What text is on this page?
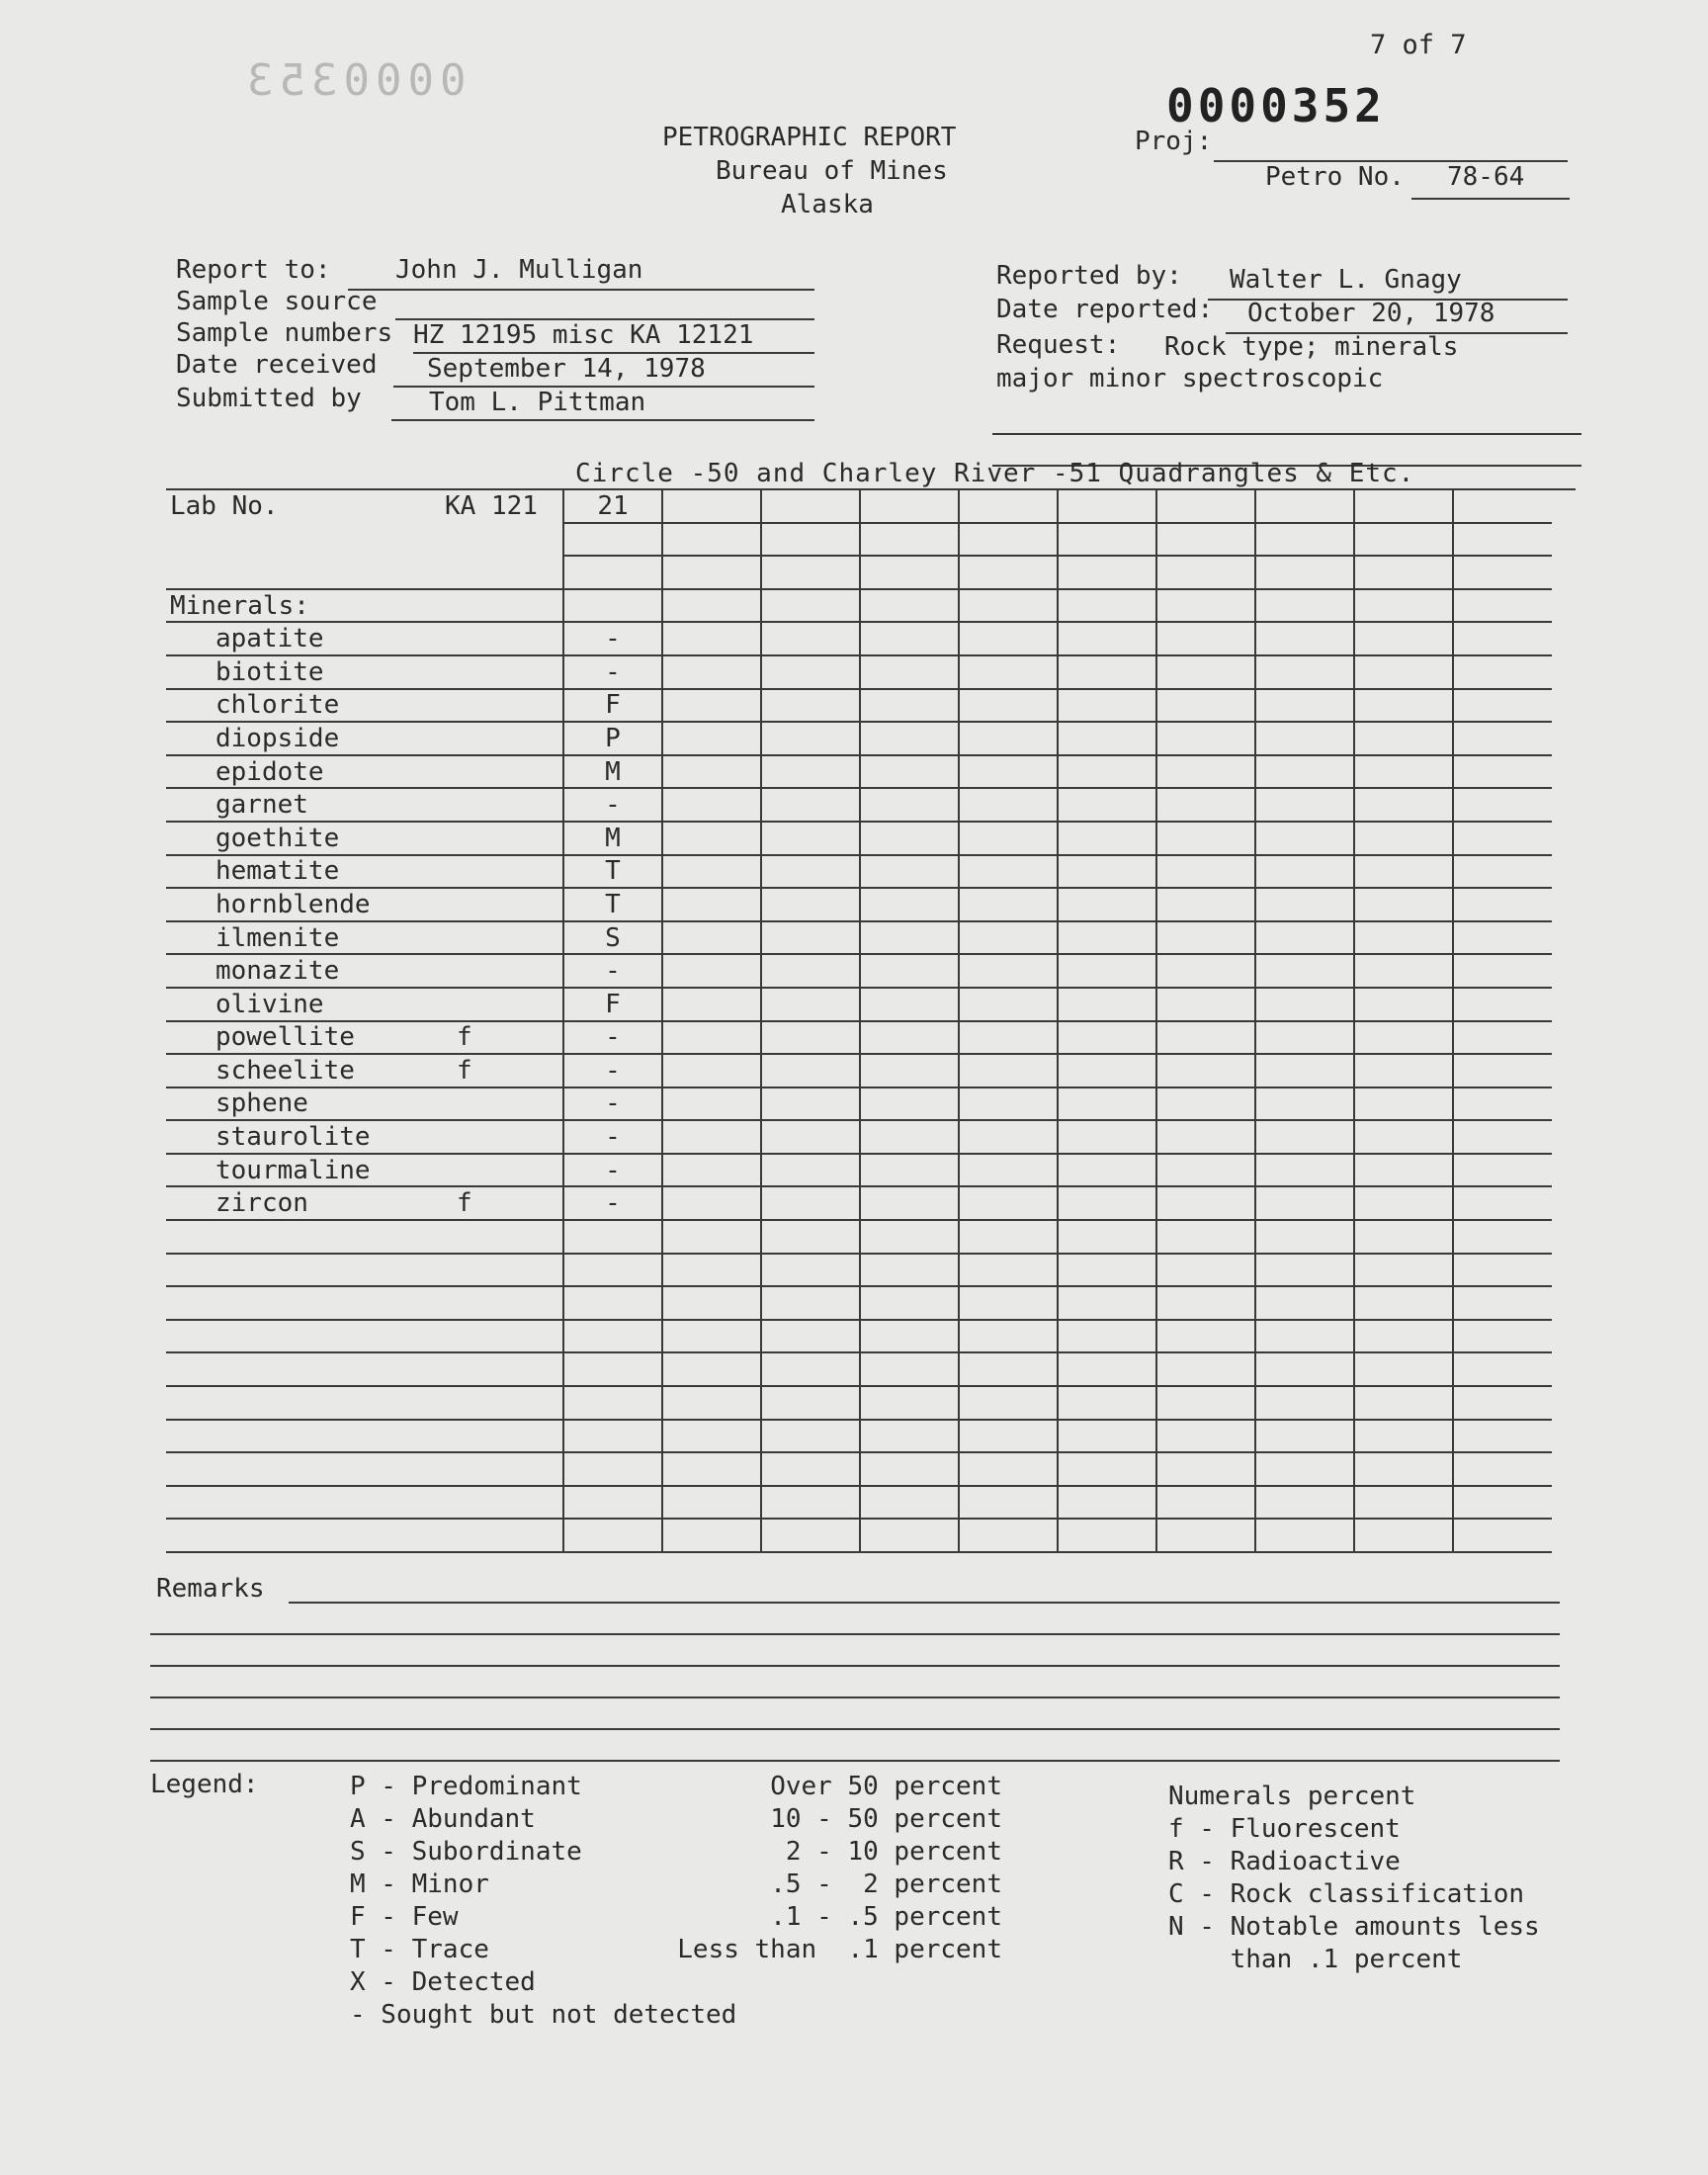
7 of 7
0000353	0000352
PETROGRAPHIC REPORT
Bureau of Mines
Alaska
Proj:
Petro No. 78-64
Report to:	John J. Mulligan
Sample source
Sample numbers HZ 12195 misc KA 12121
Date received September 14, 1978
Submitted by	Tom L. Pittman
Reported by: Walter L. Gnagy
Date reported: October 20, 1978
Request: Rock type; minerals
major minor spectroscopic
Circle -50 and Charley River -51 Quadrangles & Etc.
Lab No.	KA 121	21									

Minerals:											
apatite		-									
biotite		-									
chlorite		F									
diopside		P									
epidote		M									
garnet		-									
goethite		M									
hematite		T									
hornblende		T									
ilmenite		S									
monazite		-									
olivine		F									
powellite	f	-									
scheelite	f	-									
sphene		-									
staurolite		-									
tourmaline		-									
zircon	f	-									

Remarks
Legend:	P - Predominant	Over 50 percent
A - Abundant	10 - 50 percent
S - Subordinate	2 - 10 percent
M - Minor	.5 -  2 percent
F - Few	.1 - .5 percent
T - Trace	Less than  .1 percent
X - Detected
- Sought but not detected
Numerals percent
f - Fluorescent
R - Radioactive
C - Rock classification
N - Notable amounts less
than .1 percent
